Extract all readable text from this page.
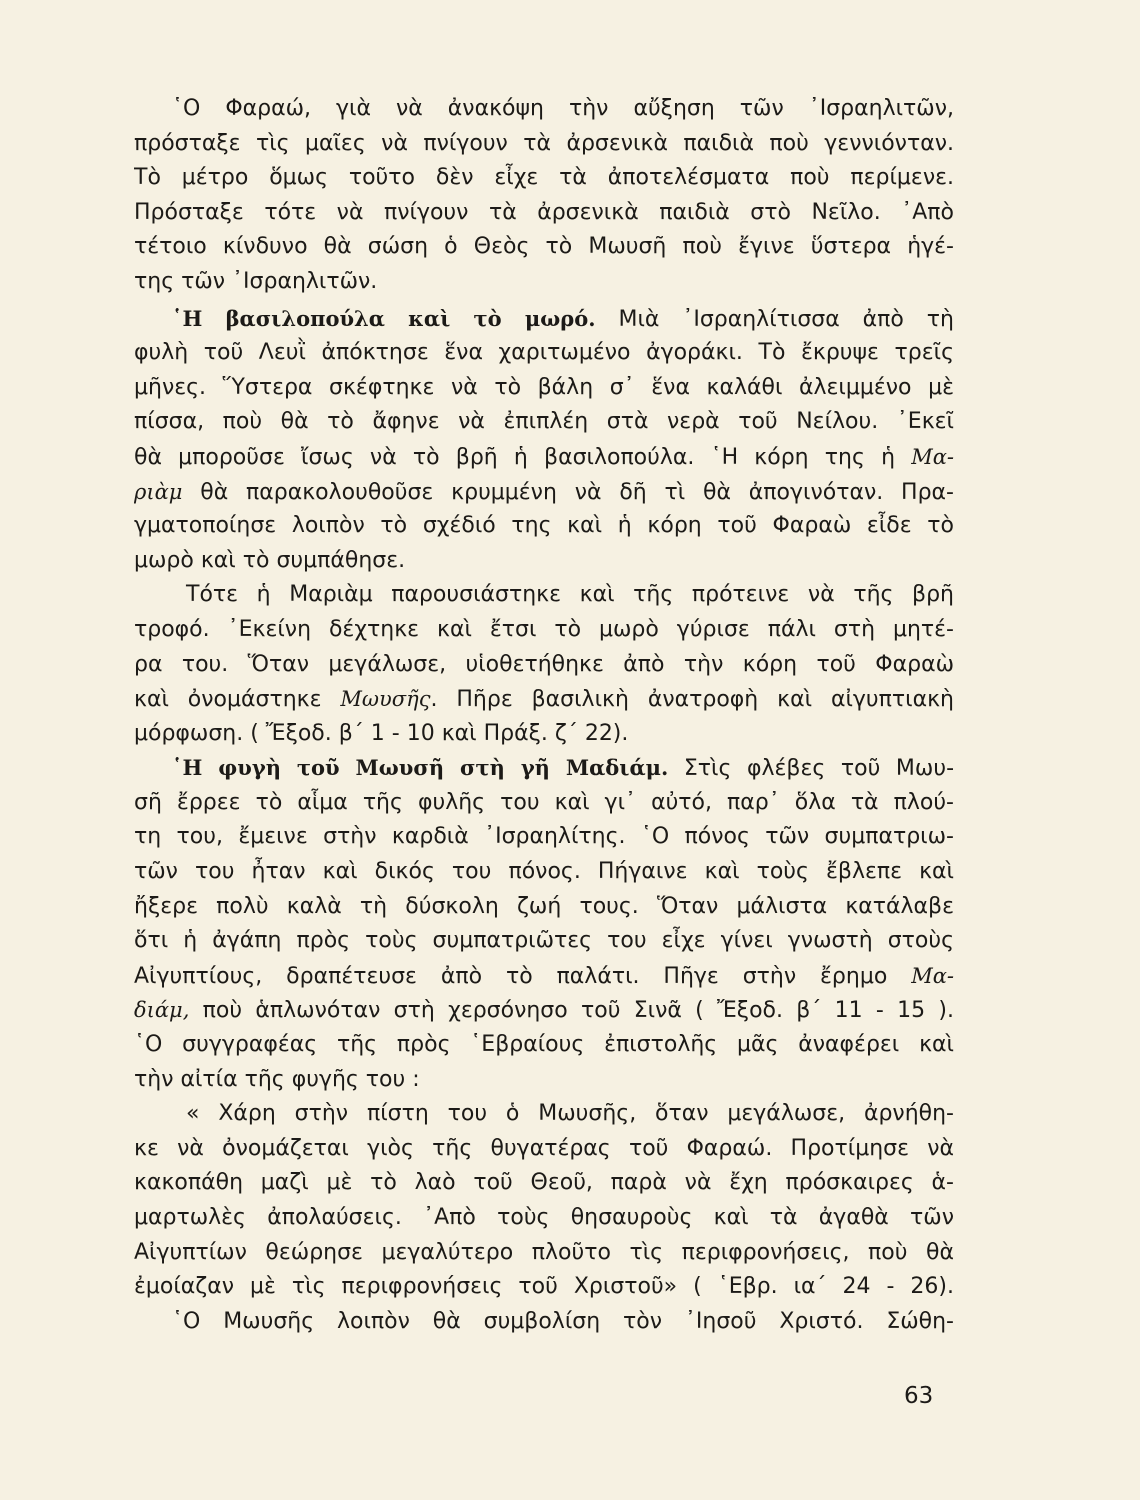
῾Ο Φαραώ, γιὰ νὰ ἀνακόψη τὴν αὔξηση τῶν ᾿Ισραηλιτῶν,
πρόσταξε τὶς μαῖες νὰ πνίγουν τὰ ἀρσενικὰ παιδιὰ ποὺ γεννιόνταν.
Τὸ μέτρο ὅμως τοῦτο δὲν εἶχε τὰ ἀποτελέσματα ποὺ περίμενε.
Πρόσταξε τότε νὰ πνίγουν τὰ ἀρσενικὰ παιδιὰ στὸ Νεῖλο. ᾿Απὸ
τέτοιο κίνδυνο θὰ σώση ὁ Θεὸς τὸ Μωυσῆ ποὺ ἔγινε ὕστερα ἡγέ-
της τῶν ᾿Ισραηλιτῶν.
῾Η βασιλοπούλα καὶ τὸ μωρό. Μιὰ ᾿Ισραηλίτισσα ἀπὸ τὴ
φυλὴ τοῦ Λευῒ ἀπόκτησε ἕνα χαριτωμένο ἀγοράκι. Τὸ ἔκρυψε τρεῖς
μῆνες. Ὕστερα σκέφτηκε νὰ τὸ βάλη σ᾿ ἕνα καλάθι ἀλειμμένο μὲ
πίσσα, ποὺ θὰ τὸ ἄφηνε νὰ ἐπιπλέη στὰ νερὰ τοῦ Νείλου. ᾿Εκεῖ
θὰ μποροῦσε ἴσως νὰ τὸ βρῆ ἡ βασιλοπούλα. ῾Η κόρη της ἡ Μα-
ριὰμ θὰ παρακολουθοῦσε κρυμμένη νὰ δῆ τὶ θὰ ἀπογινόταν. Πρα-
γματοποίησε λοιπὸν τὸ σχέδιό της καὶ ἡ κόρη τοῦ Φαραὼ εἶδε τὸ
μωρὸ καὶ τὸ συμπάθησε.
Τότε ἡ Μαριὰμ παρουσιάστηκε καὶ τῆς πρότεινε νὰ τῆς βρῆ
τροφό. ᾿Εκείνη δέχτηκε καὶ ἔτσι τὸ μωρὸ γύρισε πάλι στὴ μητέ-
ρα του. Ὅταν μεγάλωσε, υἱοθετήθηκε ἀπὸ τὴν κόρη τοῦ Φαραὼ
καὶ ὀνομάστηκε Μωυσῆς. Πῆρε βασιλικὴ ἀνατροφὴ καὶ αἰγυπτιακὴ
μόρφωση. ( Ἔξοδ. β΄ 1 - 10 καὶ Πράξ. ζ΄ 22).
῾Η φυγὴ τοῦ Μωυσῆ στὴ γῆ Μαδιάμ. Στὶς φλέβες τοῦ Μωυ-
σῆ ἔρρεε τὸ αἷμα τῆς φυλῆς του καὶ γι᾿ αὐτό, παρ᾿ ὅλα τὰ πλού-
τη του, ἔμεινε στὴν καρδιὰ ᾿Ισραηλίτης. ῾Ο πόνος τῶν συμπατριω-
τῶν του ἦταν καὶ δικός του πόνος. Πήγαινε καὶ τοὺς ἔβλεπε καὶ
ἤξερε πολὺ καλὰ τὴ δύσκολη ζωή τους. Ὅταν μάλιστα κατάλαβε
ὅτι ἡ ἀγάπη πρὸς τοὺς συμπατριῶτες του εἶχε γίνει γνωστὴ στοὺς
Αἰγυπτίους, δραπέτευσε ἀπὸ τὸ παλάτι. Πῆγε στὴν ἔρημο Μα-
διάμ, ποὺ ἁπλωνόταν στὴ χερσόνησο τοῦ Σινᾶ ( Ἔξοδ. β΄ 11 - 15 ).
῾Ο συγγραφέας τῆς πρὸς ῾Εβραίους ἐπιστολῆς μᾶς ἀναφέρει καὶ
τὴν αἰτία τῆς φυγῆς του :
« Χάρη στὴν πίστη του ὁ Μωυσῆς, ὅταν μεγάλωσε, ἀρνήθη-
κε νὰ ὀνομάζεται γιὸς τῆς θυγατέρας τοῦ Φαραώ. Προτίμησε νὰ
κακοπάθη μαζὶ μὲ τὸ λαὸ τοῦ Θεοῦ, παρὰ νὰ ἔχη πρόσκαιρες ἁ-
μαρτωλὲς ἀπολαύσεις. ᾿Απὸ τοὺς θησαυροὺς καὶ τὰ ἀγαθὰ τῶν
Αἰγυπτίων θεώρησε μεγαλύτερο πλοῦτο τὶς περιφρονήσεις, ποὺ θὰ
ἐμοίαζαν μὲ τὶς περιφρονήσεις τοῦ Χριστοῦ» ( ῾Εβρ. ια΄ 24 - 26).
῾Ο Μωυσῆς λοιπὸν θὰ συμβολίση τὸν ᾿Ιησοῦ Χριστό. Σώθη-
63
